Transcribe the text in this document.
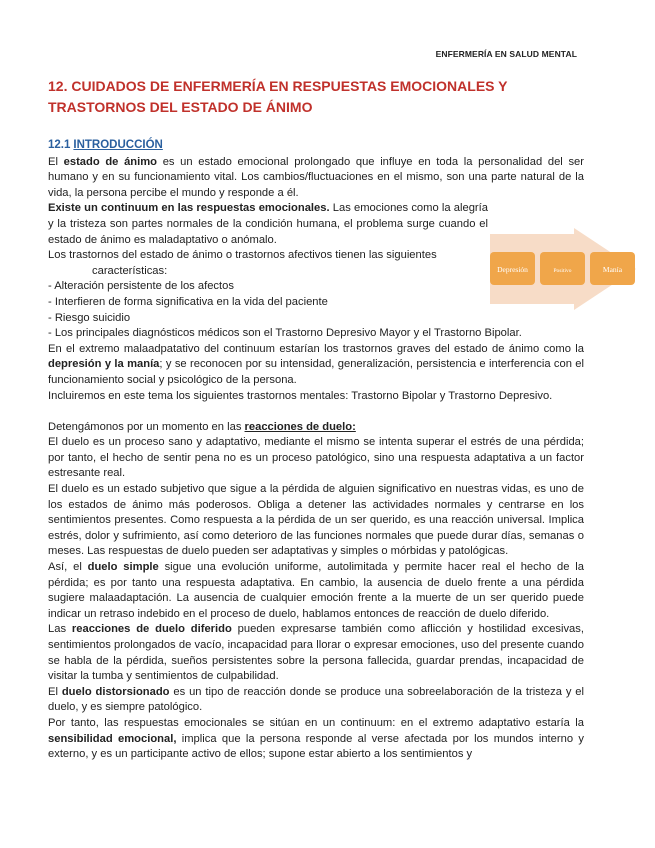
ENFERMERÍA EN SALUD MENTAL
12. CUIDADOS DE ENFERMERÍA EN RESPUESTAS EMOCIONALES Y TRASTORNOS DEL ESTADO DE ÁNIMO
12.1 INTRODUCCIÓN

El estado de ánimo es un estado emocional prolongado que influye en toda la personalidad del ser humano y en su funcionamiento vital. Los cambios/fluctuaciones en el mismo, son una parte natural de la vida, la persona percibe el mundo y responde a él.

Existe un continuum en las respuestas emocionales. Las emociones como la alegría y la tristeza son partes normales de la condición humana, el problema surge cuando el estado de ánimo es maladaptativo o anómalo.

Los trastornos del estado de ánimo o trastornos afectivos tienen las siguientes

características:

- Alteración persistente de los afectos

- Interfieren de forma significativa en la vida del paciente

- Riesgo suicidio

- Los principales diagnósticos médicos son el Trastorno Depresivo Mayor y el Trastorno Bipolar.

En el extremo malaadpatativo del continuum estarían los trastornos graves del estado de ánimo como la depresión y la manía; y se reconocen por su intensidad, generalización, persistencia e interferencia con el funcionamiento social y psicológico de la persona.

Incluiremos en este tema los siguientes trastornos mentales: Trastorno Bipolar y Trastorno Depresivo.

Detengámonos por un momento en las reacciones de duelo:

El duelo es un proceso sano y adaptativo, mediante el mismo se intenta superar el estrés de una pérdida; por tanto, el hecho de sentir pena no es un proceso patológico, sino una respuesta adaptativa a un factor estresante real.

El duelo es un estado subjetivo que sigue a la pérdida de alguien significativo en nuestras vidas, es uno de los estados de ánimo más poderosos. Obliga a detener las actividades normales y centrarse en los sentimientos presentes. Como respuesta a la pérdida de un ser querido, es una reacción universal. Implica estrés, dolor y sufrimiento, así como deterioro de las funciones normales que puede durar días, semanas o meses. Las respuestas de duelo pueden ser adaptativas y simples o mórbidas y patológicas.

Así, el duelo simple sigue una evolución uniforme, autolimitada y permite hacer real el hecho de la pérdida; es por tanto una respuesta adaptativa. En cambio, la ausencia de duelo frente a una pérdida sugiere malaadaptación. La ausencia de cualquier emoción frente a la muerte de un ser querido puede indicar un retraso indebido en el proceso de duelo, hablamos entonces de reacción de duelo diferido.

Las reacciones de duelo diferido pueden expresarse también como aflicción y hostilidad excesivas, sentimientos prolongados de vacío, incapacidad para llorar o expresar emociones, uso del presente cuando se habla de la pérdida, sueños persistentes sobre la persona fallecida, guardar prendas, incapacidad de visitar la tumba y sentimientos de culpabilidad.

El duelo distorsionado es un tipo de reacción donde se produce una sobreelaboración de la tristeza y el duelo, y es siempre patológico.

Por tanto, las respuestas emocionales se sitúan en un continuum: en el extremo adaptativo estaría la sensibilidad emocional, implica que la persona responde al verse afectada por los mundos interno y externo, y es un participante activo de ellos; supone estar abierto a los sentimientos y

Depresión	Positivo	Manía
